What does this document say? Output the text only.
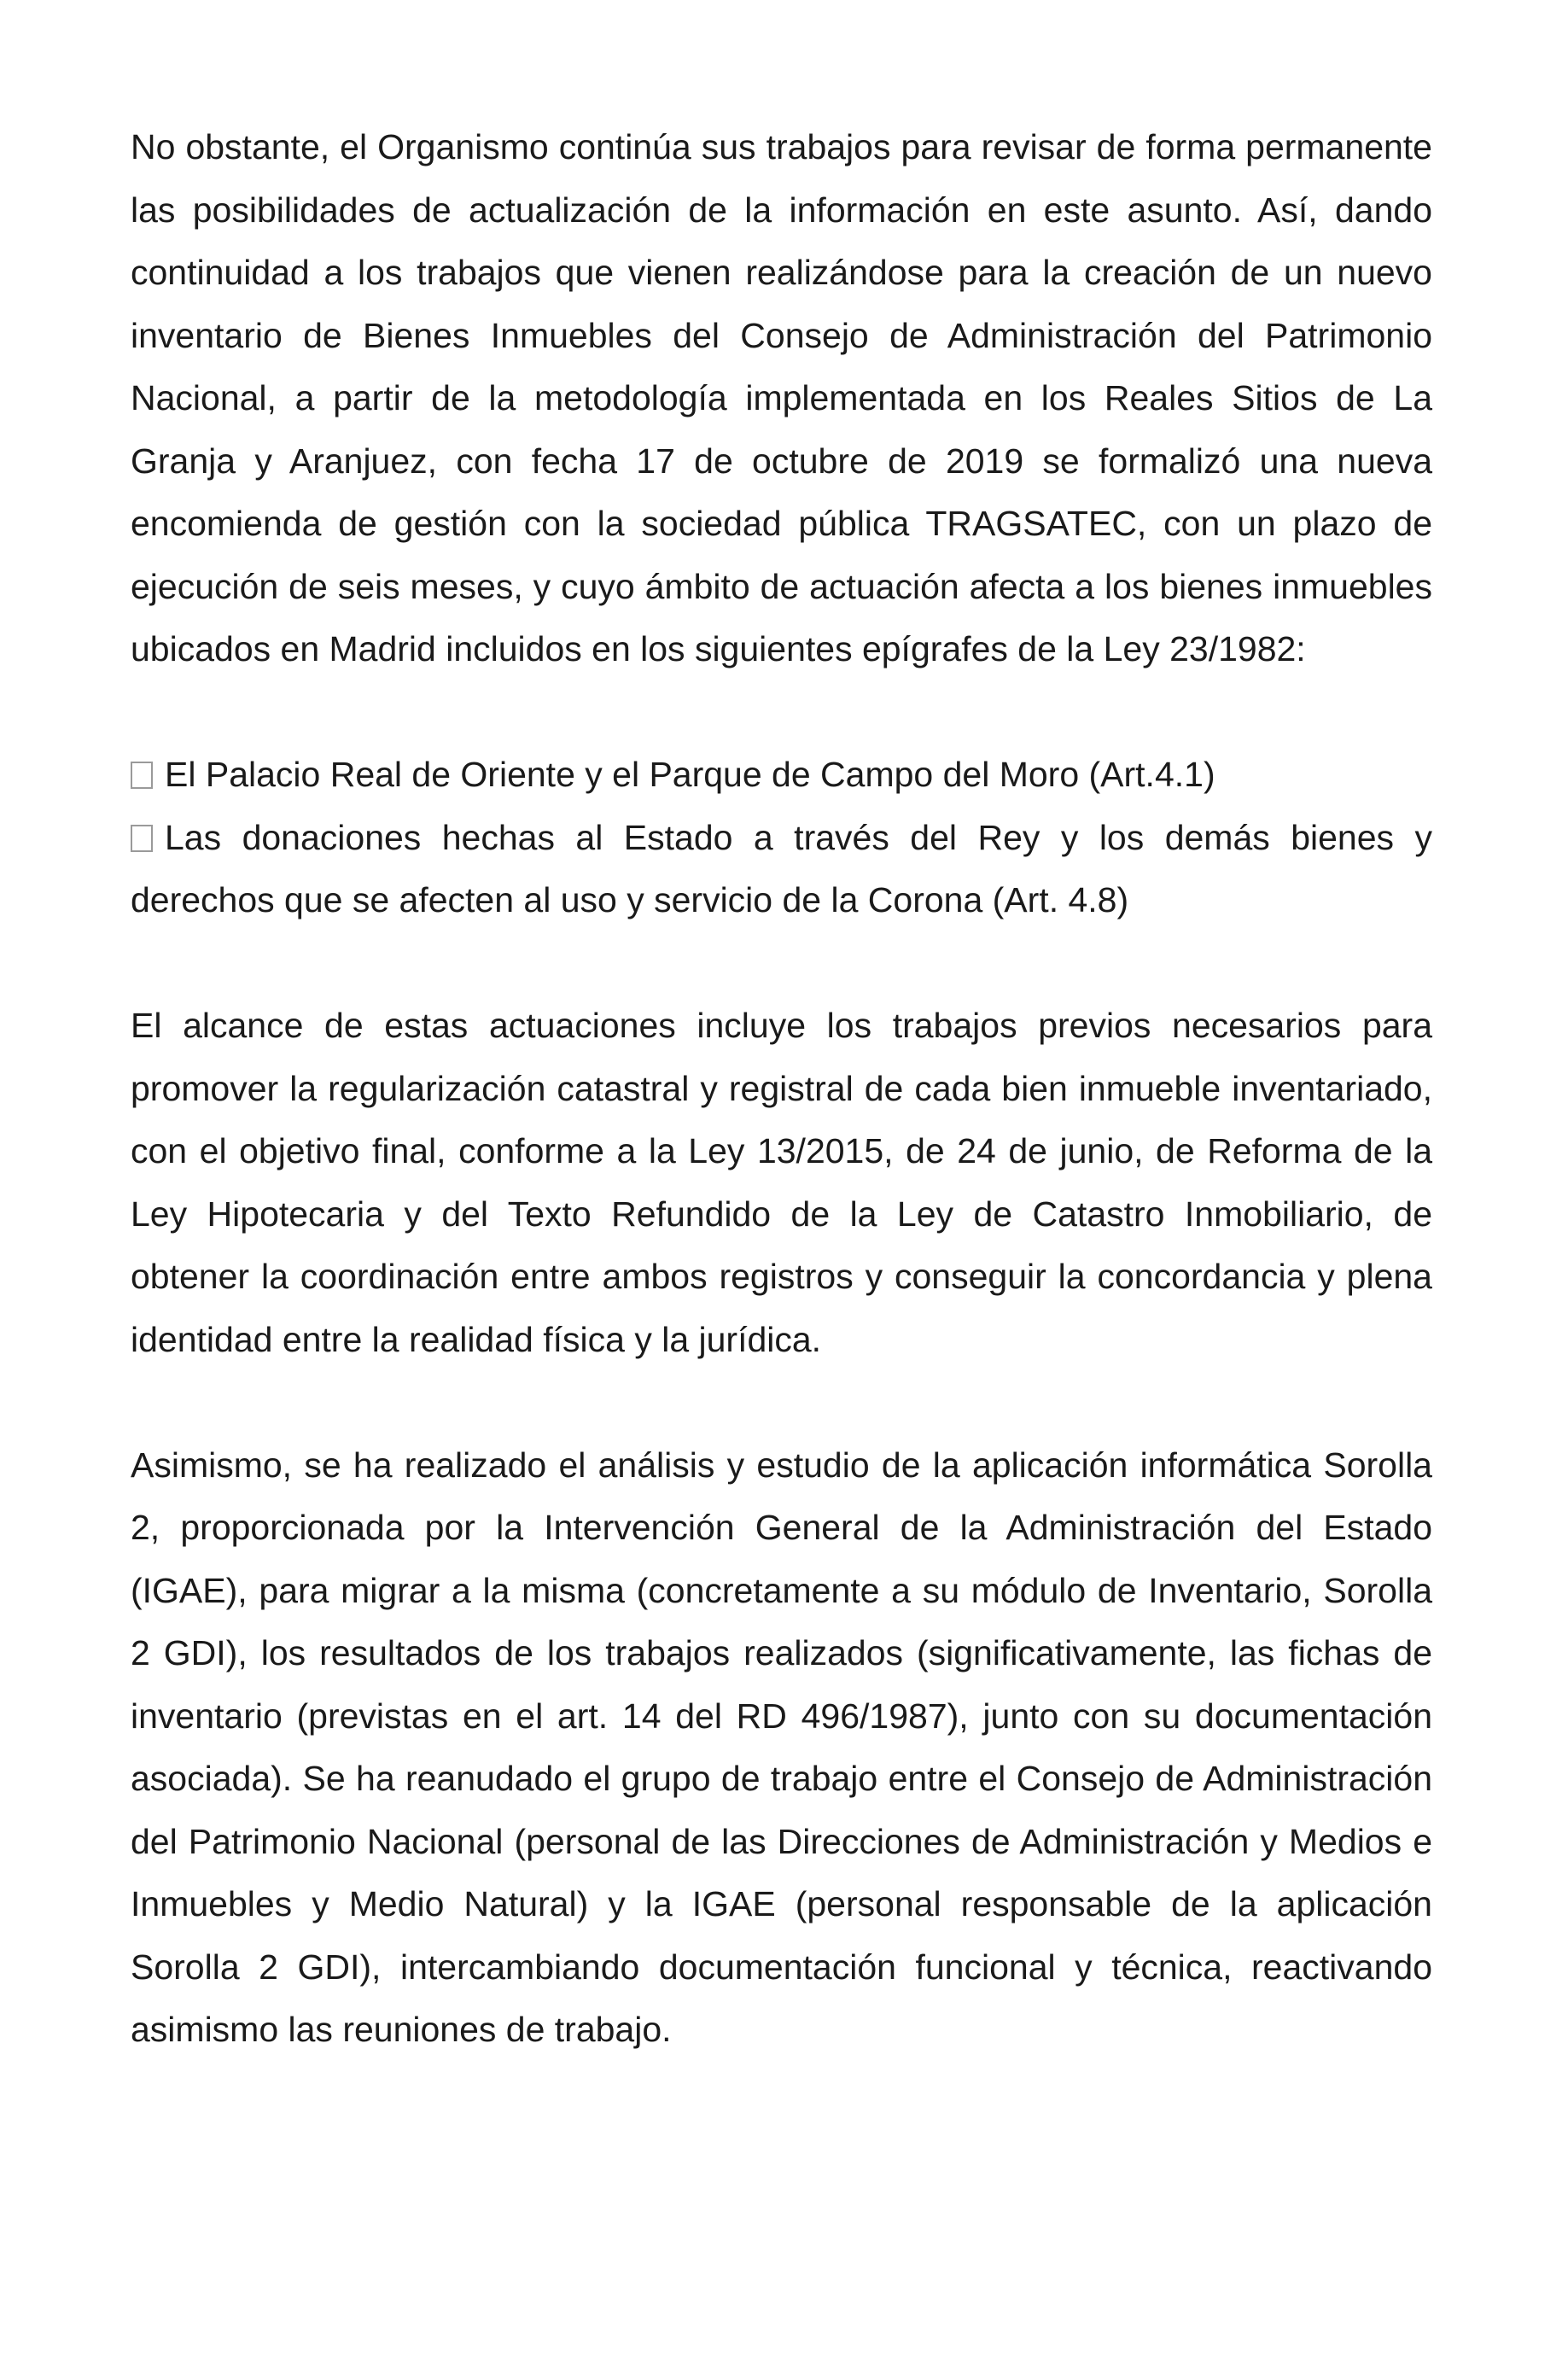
No obstante, el Organismo continúa sus trabajos para revisar de forma permanente las posibilidades de actualización de la información en este asunto. Así, dando continuidad a los trabajos que vienen realizándose para la creación de un nuevo inventario de Bienes Inmuebles del Consejo de Administración del Patrimonio Nacional, a partir de la metodología implementada en los Reales Sitios de La Granja y Aranjuez, con fecha 17 de octubre de 2019 se formalizó una nueva encomienda de gestión con la sociedad pública TRAGSATEC, con un plazo de ejecución de seis meses, y cuyo ámbito de actuación afecta a los bienes inmuebles ubicados en Madrid incluidos en los siguientes epígrafes de la Ley 23/1982:

El Palacio Real de Oriente y el Parque de Campo del Moro (Art.4.1)

Las donaciones hechas al Estado a través del Rey y los demás bienes y derechos que se afecten al uso y servicio de la Corona (Art. 4.8)

El alcance de estas actuaciones incluye los trabajos previos necesarios para promover la regularización catastral y registral de cada bien inmueble inventariado, con el objetivo final, conforme a la Ley 13/2015, de 24 de junio, de Reforma de la Ley Hipotecaria y del Texto Refundido de la Ley de Catastro Inmobiliario, de obtener la coordinación entre ambos registros y conseguir la concordancia y plena identidad entre la realidad física y la jurídica.

Asimismo, se ha realizado el análisis y estudio de la aplicación informática Sorolla 2, proporcionada por la Intervención General de la Administración del Estado (IGAE), para migrar a la misma (concretamente a su módulo de Inventario, Sorolla 2 GDI), los resultados de los trabajos realizados (significativamente, las fichas de inventario (previstas en el art. 14 del RD 496/1987), junto con su documentación asociada). Se ha reanudado el grupo de trabajo entre el Consejo de Administración del Patrimonio Nacional (personal de las Direcciones de Administración y Medios e Inmuebles y Medio Natural) y la IGAE (personal responsable de la aplicación Sorolla 2 GDI), intercambiando documentación funcional y técnica, reactivando asimismo las reuniones de trabajo.
